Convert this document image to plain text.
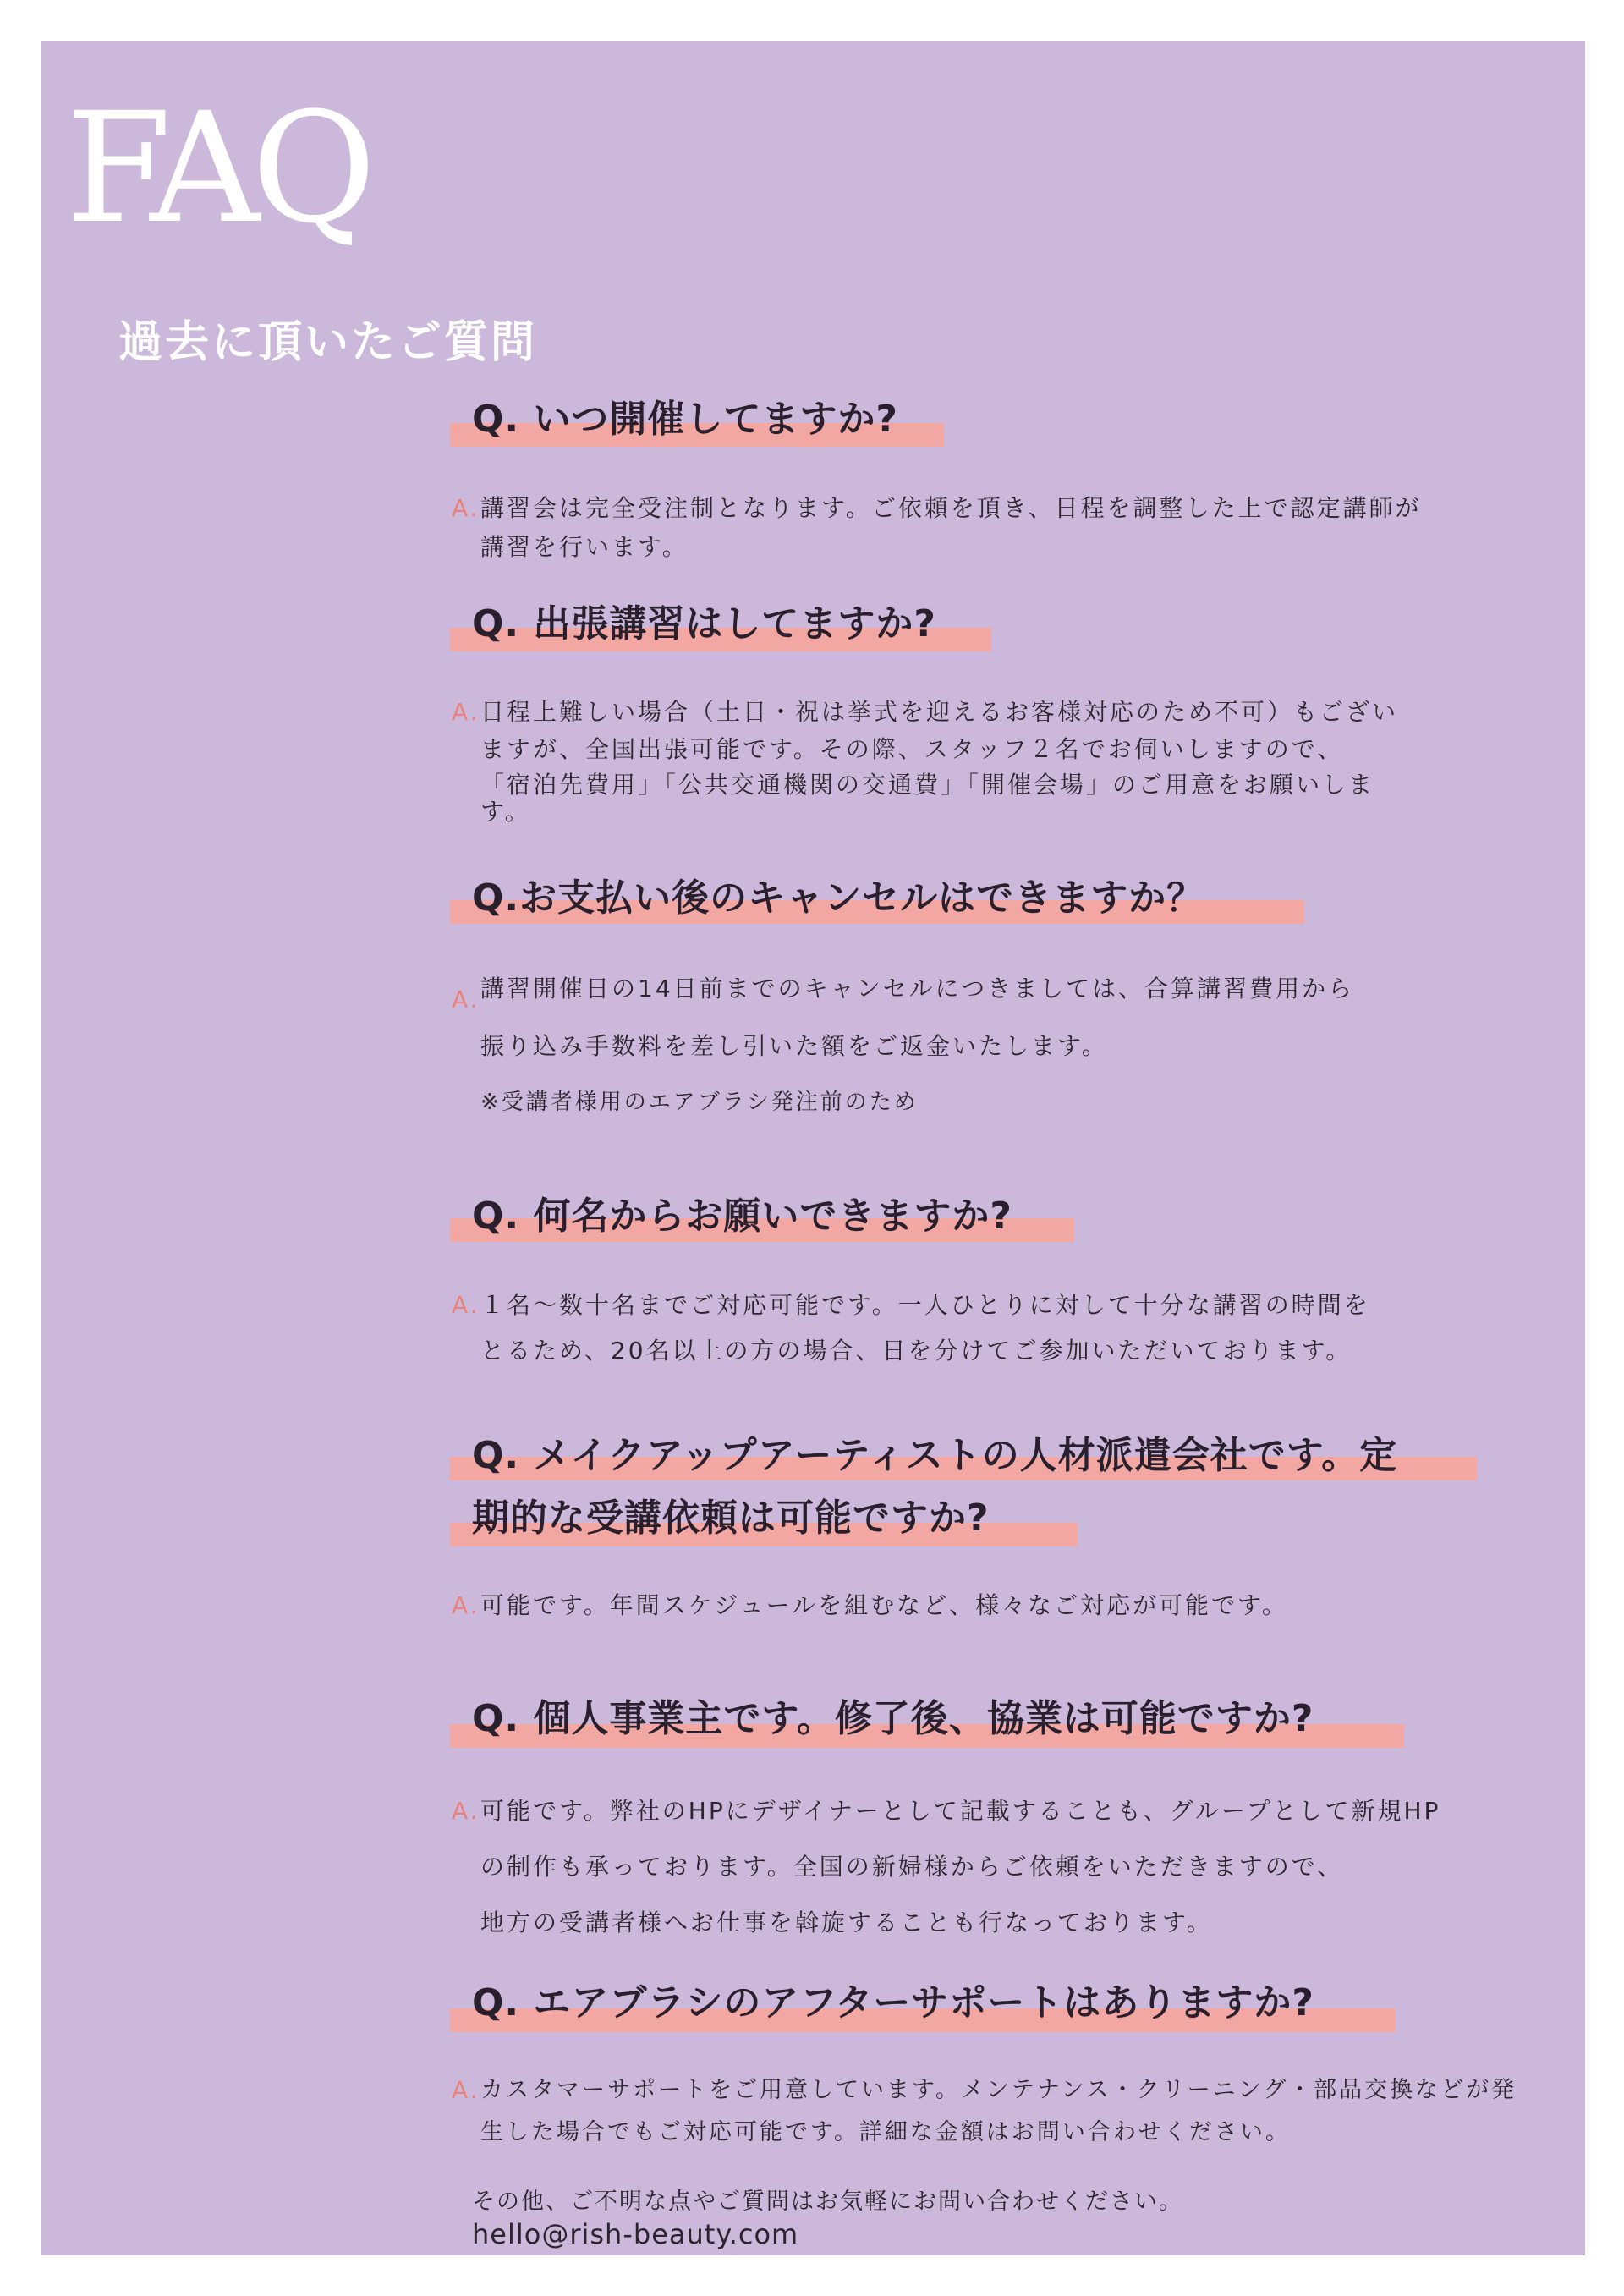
FAQ
過去に頂いたご質問
Q. いつ開催してますか?
A. 講習会は完全受注制となります。ご依頼を頂き、日程を調整した上で認定講師が
講習を行います。
Q. 出張講習はしてますか?
A. 日程上難しい場合（土日・祝は挙式を迎えるお客様対応のため不可）もござい
ますが、全国出張可能です。その際、スタッフ２名でお伺いしますので、
「宿泊先費用」「公共交通機関の交通費」「開催会場」のご用意をお願いしま
す。
Q.お支払い後のキャンセルはできますか？
A. 講習開催日の14日前までのキャンセルにつきましては、合算講習費用から
振り込み手数料を差し引いた額をご返金いたします。
※受講者様用のエアブラシ発注前のため
Q. 何名からお願いできますか?
A. １名～数十名までご対応可能です。一人ひとりに対して十分な講習の時間を
とるため、20名以上の方の場合、日を分けてご参加いただいております。
Q. メイクアップアーティストの人材派遣会社です。定
期的な受講依頼は可能ですか?
A. 可能です。年間スケジュールを組むなど、様々なご対応が可能です。
Q. 個人事業主です。修了後、協業は可能ですか?
A. 可能です。弊社のHPにデザイナーとして記載することも、グループとして新規HP
の制作も承っております。全国の新婦様からご依頼をいただきますので、
地方の受講者様へお仕事を斡旋することも行なっております。
Q. エアブラシのアフターサポートはありますか?
A. カスタマーサポートをご用意しています。メンテナンス・クリーニング・部品交換などが発
生した場合でもご対応可能です。詳細な金額はお問い合わせください。
その他、ご不明な点やご質問はお気軽にお問い合わせください。
hello@rish-beauty.com
